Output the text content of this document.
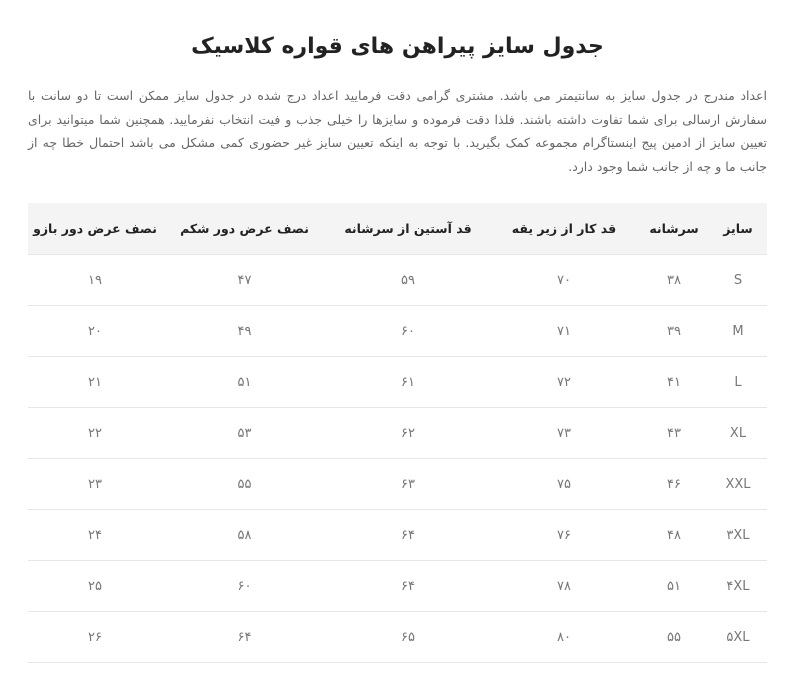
جدول سایز پیراهن های قواره کلاسیک

اعداد مندرج در جدول سایز به سانتیمتر می باشد. مشتری گرامی دقت فرمایید اعداد درج شده در جدول سایز ممکن است تا دو سانت با سفارش ارسالی برای شما تفاوت داشته باشند. فلذا دقت فرموده و سایزها را خیلی جذب و فیت انتخاب نفرمایید. همچنین شما میتوانید برای تعیین سایز از ادمین پیج اینستاگرام مجموعه کمک بگیرید. با توجه به اینکه تعیین سایز غیر حضوری کمی مشکل می باشد احتمال خطا چه از جانب ما و چه از جانب شما وجود دارد.

سایز	سرشانه	قد کار از زیر یقه	قد آستین از سرشانه	نصف عرض دور شکم	نصف عرض دور بازو
S	۳۸	۷۰	۵۹	۴۷	۱۹
M	۳۹	۷۱	۶۰	۴۹	۲۰
L	۴۱	۷۲	۶۱	۵۱	۲۱
XL	۴۳	۷۳	۶۲	۵۳	۲۲
XXL	۴۶	۷۵	۶۳	۵۵	۲۳
۳XL	۴۸	۷۶	۶۴	۵۸	۲۴
۴XL	۵۱	۷۸	۶۴	۶۰	۲۵
۵XL	۵۵	۸۰	۶۵	۶۴	۲۶
